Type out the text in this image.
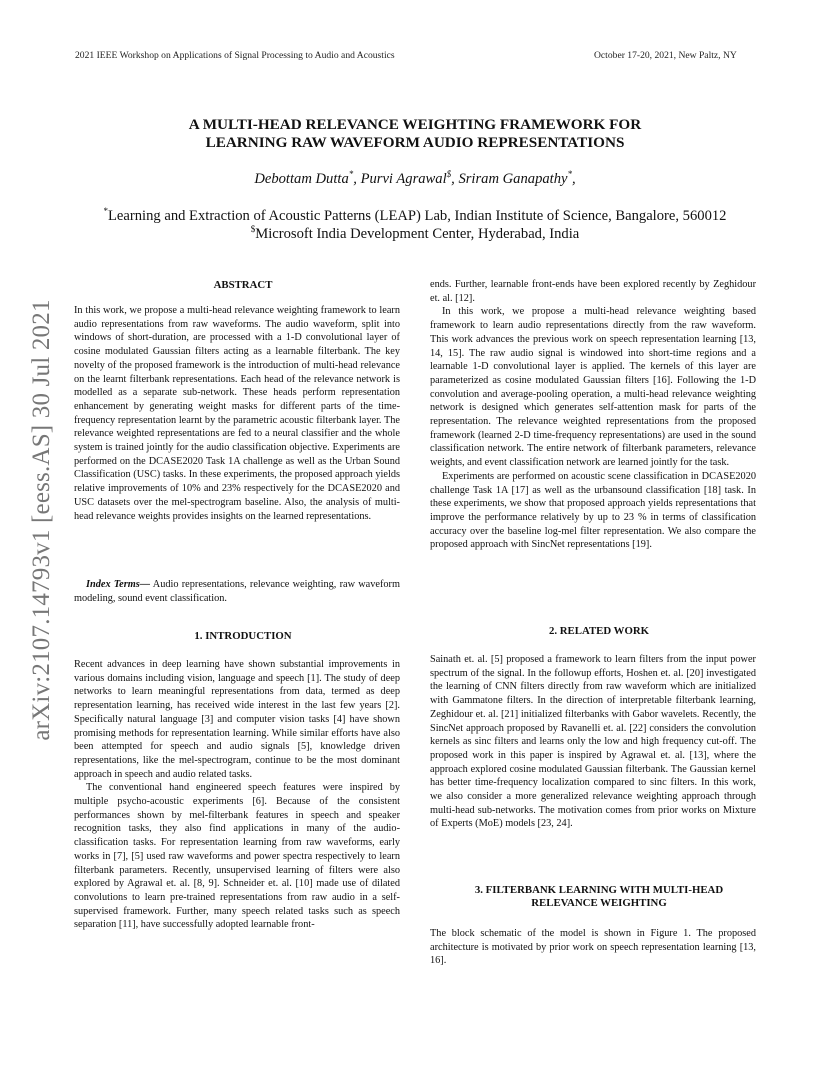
2021 IEEE Workshop on Applications of Signal Processing to Audio and Acoustics	October 17-20, 2021, New Paltz, NY
A MULTI-HEAD RELEVANCE WEIGHTING FRAMEWORK FOR
LEARNING RAW WAVEFORM AUDIO REPRESENTATIONS
Debottam Dutta*, Purvi Agrawal$, Sriram Ganapathy*,
*Learning and Extraction of Acoustic Patterns (LEAP) Lab, Indian Institute of Science, Bangalore, 560012
$Microsoft India Development Center, Hyderabad, India
arXiv:2107.14793v1 [eess.AS] 30 Jul 2021

ABSTRACT

In this work, we propose a multi-head relevance weighting framework to learn audio representations from raw waveforms. The audio waveform, split into windows of short-duration, are processed with a 1-D convolutional layer of cosine modulated Gaussian filters acting as a learnable filterbank. The key novelty of the proposed framework is the introduction of multi-head relevance on the learnt filterbank representations. Each head of the relevance network is modelled as a separate sub-network. These heads perform representation enhancement by generating weight masks for different parts of the time-frequency representation learnt by the parametric acoustic filterbank layer. The relevance weighted representations are fed to a neural classifier and the whole system is trained jointly for the audio classification objective. Experiments are performed on the DCASE2020 Task 1A challenge as well as the Urban Sound Classification (USC) tasks. In these experiments, the proposed approach yields relative improvements of 10% and 23% respectively for the DCASE2020 and USC datasets over the mel-spectrogram baseline. Also, the analysis of multi-head relevance weights provides insights on the learned representations.

Index Terms— Audio representations, relevance weighting, raw waveform modeling, sound event classification.

1. INTRODUCTION

Recent advances in deep learning have shown substantial improvements in various domains including vision, language and speech [1]. The study of deep networks to learn meaningful representations from data, termed as deep representation learning, has received wide interest in the last few years [2]. Specifically natural language [3] and computer vision tasks [4] have shown promising methods for representation learning. While similar efforts have also been attempted for speech and audio signals [5], knowledge driven representations, like the mel-spectrogram, continue to be the most dominant approach in speech and audio related tasks.

The conventional hand engineered speech features were inspired by multiple psycho-acoustic experiments [6]. Because of the consistent performances shown by mel-filterbank features in speech and speaker recognition tasks, they also find applications in many of the audio-classification tasks. For representation learning from raw waveforms, early works in [7], [5] used raw waveforms and power spectra respectively to learn filterbank parameters. Recently, unsupervised learning of filters were also explored by Agrawal et. al. [8, 9]. Schneider et. al. [10] made use of dilated convolutions to learn pre-trained representations from raw audio in a self-supervised framework. Further, many speech related tasks such as speech separation [11], have successfully adopted learnable front-

ends. Further, learnable front-ends have been explored recently by Zeghidour et. al. [12].

In this work, we propose a multi-head relevance weighting based framework to learn audio representations directly from the raw waveform. This work advances the previous work on speech representation learning [13, 14, 15]. The raw audio signal is windowed into short-time regions and a learnable 1-D convolutional layer is applied. The kernels of this layer are parameterized as cosine modulated Gaussian filters [16]. Following the 1-D convolution and average-pooling operation, a multi-head relevance weighting network is designed which generates self-attention mask for parts of the representation. The relevance weighted representations from the proposed framework (learned 2-D time-frequency representations) are used in the sound classification network. The entire network of filterbank parameters, relevance weights, and event classification network are learned jointly for the task.

Experiments are performed on acoustic scene classification in DCASE2020 challenge Task 1A [17] as well as the urbansound classification [18] task. In these experiments, we show that proposed approach yields representations that improve the performance relatively by up to 23 % in terms of classification accuracy over the baseline log-mel filter representation. We also compare the proposed approach with SincNet representations [19].

2. RELATED WORK

Sainath et. al. [5] proposed a framework to learn filters from the input power spectrum of the signal. In the followup efforts, Hoshen et. al. [20] investigated the learning of CNN filters directly from raw waveform which are initialized with Gammatone filters. In the direction of interpretable filterbank learning, Zeghidour et. al. [21] initialized filterbanks with Gabor wavelets. Recently, the SincNet approach proposed by Ravanelli et. al. [22] considers the convolution kernels as sinc filters and learns only the low and high frequency cut-off. The proposed work in this paper is inspired by Agrawal et. al. [13], where the approach explored cosine modulated Gaussian filterbank. The Gaussian kernel has better time-frequency localization compared to sinc filters. In this work, we also consider a more generalized relevance weighting approach through multi-head sub-networks. The motivation comes from prior works on Mixture of Experts (MoE) models [23, 24].

3. FILTERBANK LEARNING WITH MULTI-HEAD

RELEVANCE WEIGHTING

The block schematic of the model is shown in Figure 1. The proposed architecture is motivated by prior work on speech representation learning [13, 16].
